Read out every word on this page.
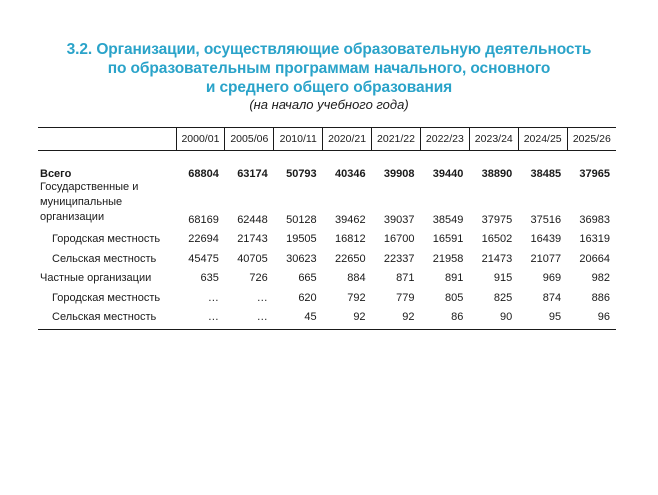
3.2. Организации, осуществляющие образовательную деятельность
по образовательным программам начального, основного
и среднего общего образования
(на начало учебного года)
	2000/01	2005/06	2010/11	2020/21	2021/22	2022/23	2023/24	2024/25	2025/26

Всего	68804	63174	50793	40346	39908	39440	38890	38485	37965
Государственные и муниципальные организации	68169	62448	50128	39462	39037	38549	37975	37516	36983
Городская местность	22694	21743	19505	16812	16700	16591	16502	16439	16319
Сельская местность	45475	40705	30623	22650	22337	21958	21473	21077	20664
Частные организации	635	726	665	884	871	891	915	969	982
Городская местность	…	…	620	792	779	805	825	874	886
Сельская местность	…	…	45	92	92	86	90	95	96
